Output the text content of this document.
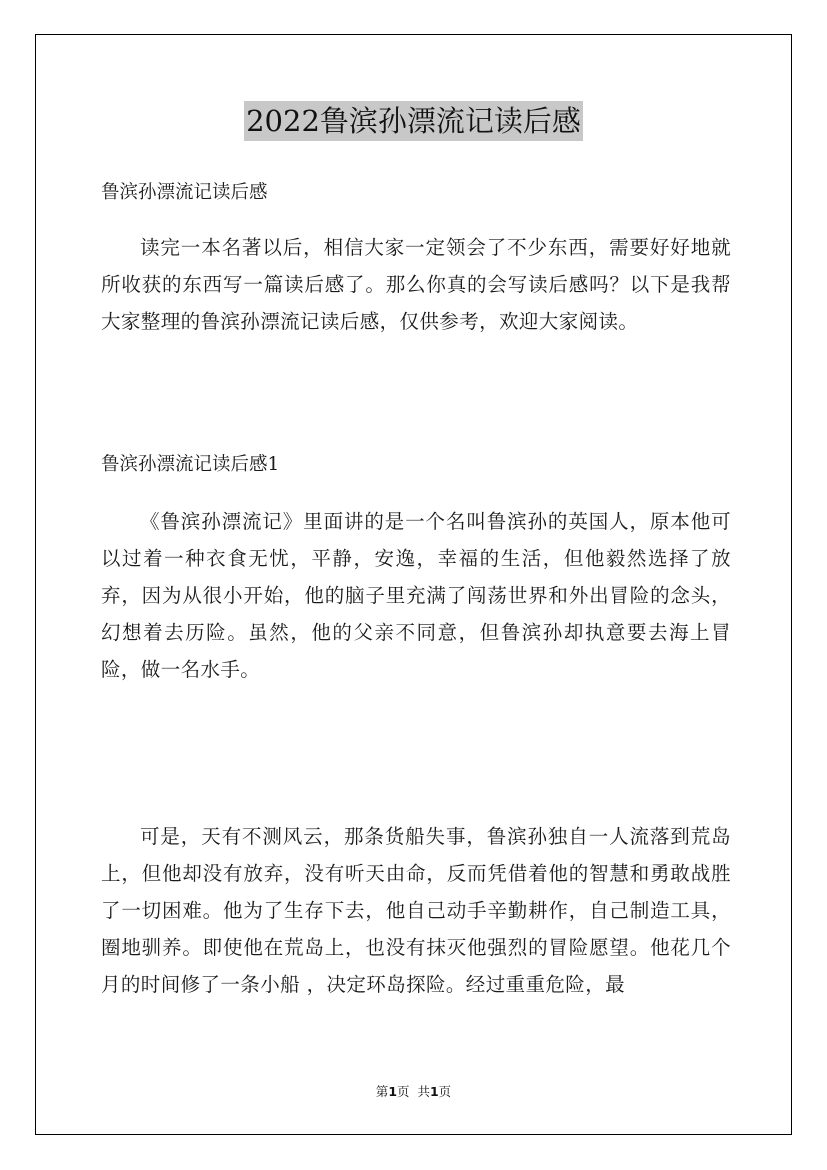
2022鲁滨孙漂流记读后感
鲁滨孙漂流记读后感
读完一本名著以后，相信大家一定领会了不少东西，需要好好地就所收获的东西写一篇读后感了。那么你真的会写读后感吗？以下是我帮大家整理的鲁滨孙漂流记读后感，仅供参考，欢迎大家阅读。
鲁滨孙漂流记读后感1
《鲁滨孙漂流记》里面讲的是一个名叫鲁滨孙的英国人，原本他可以过着一种衣食无忧，平静，安逸，幸福的生活，但他毅然选择了放弃，因为从很小开始，他的脑子里充满了闯荡世界和外出冒险的念头，幻想着去历险。虽然，他的父亲不同意，但鲁滨孙却执意要去海上冒险，做一名水手。
可是，天有不测风云，那条货船失事，鲁滨孙独自一人流落到荒岛上，但他却没有放弃，没有听天由命，反而凭借着他的智慧和勇敢战胜了一切困难。他为了生存下去，他自己动手辛勤耕作，自己制造工具，圈地驯养。即使他在荒岛上，也没有抹灭他强烈的冒险愿望。他花几个月的时间修了一条小船 ，决定环岛探险。经过重重危险，最
第1页  共1页
